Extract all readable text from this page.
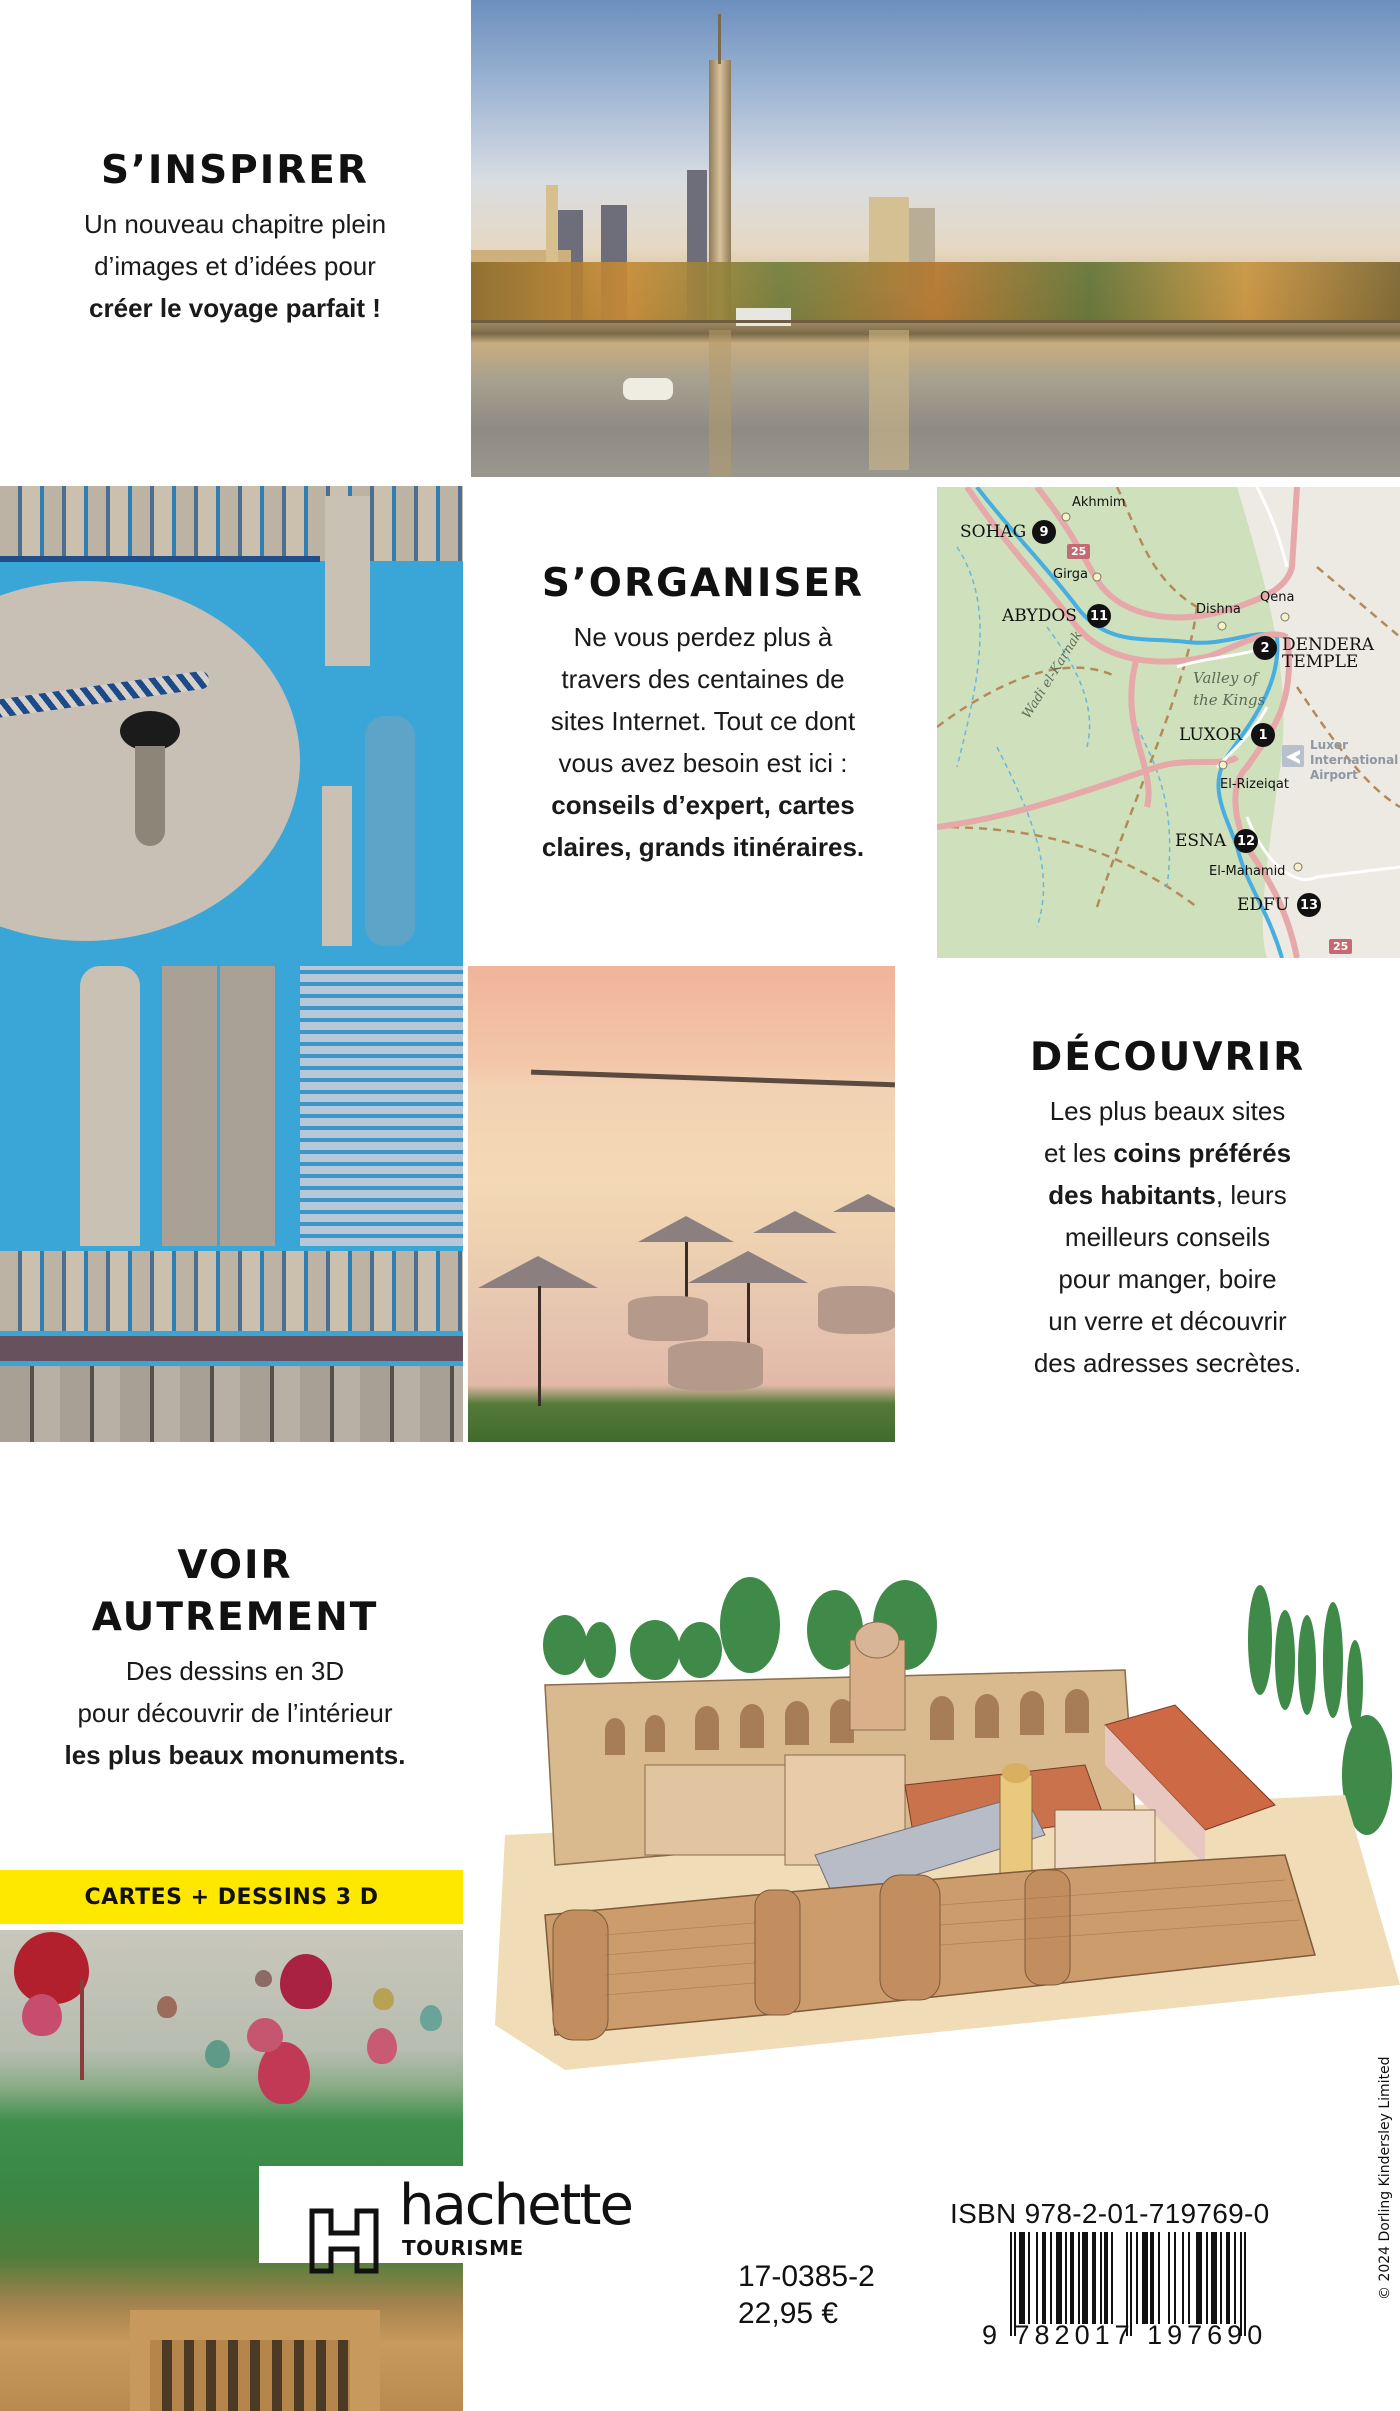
S’INSPIRER
Un nouveau chapitre plein
d’images et d’idées pour
créer le voyage parfait !
S’ORGANISER
Ne vous perdez plus à
travers des centaines de
sites Internet. Tout ce dont
vous avez besoin est ici :
conseils d’expert, cartes
claires, grands itinéraires.
SOHAG	9
ABYDOS 11
2 DENDERA
TEMPLE
LUXOR	1
ESNA 12
EDFU 13
Akhmim
Girga
Dishna
Qena
El-Rizeiqat
El-Mahamid
Valley of
the Kings
Wadi el-Karnak
Luxor
International
Airport
25
25
DÉCOUVRIR
Les plus beaux sites
et les coins préférés
des habitants, leurs
meilleurs conseils
pour manger, boire
un verre et découvrir
des adresses secrètes.
VOIR
AUTREMENT
Des dessins en 3D
pour découvrir de l’intérieur
les plus beaux monuments.
CARTES + DESSINS 3 D
hachette
TOURISME
17-0385-2
22,95 €
ISBN 978-2-01-719769-0
9 782017 197690
© 2024 Dorling Kindersley Limited
